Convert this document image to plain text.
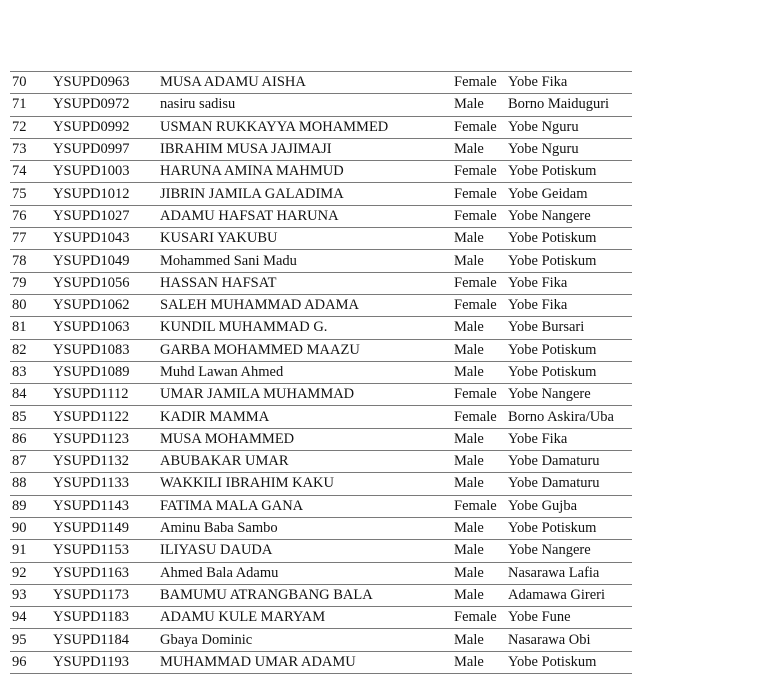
70	YSUPD0963	MUSA ADAMU AISHA	Female	Yobe Fika
71	YSUPD0972	nasiru sadisu	Male	Borno Maiduguri
72	YSUPD0992	USMAN RUKKAYYA MOHAMMED	Female	Yobe Nguru
73	YSUPD0997	IBRAHIM MUSA JAJIMAJI	Male	Yobe Nguru
74	YSUPD1003	HARUNA AMINA MAHMUD	Female	Yobe Potiskum
75	YSUPD1012	JIBRIN JAMILA GALADIMA	Female	Yobe Geidam
76	YSUPD1027	ADAMU HAFSAT HARUNA	Female	Yobe Nangere
77	YSUPD1043	KUSARI YAKUBU	Male	Yobe Potiskum
78	YSUPD1049	Mohammed Sani Madu	Male	Yobe Potiskum
79	YSUPD1056	HASSAN HAFSAT	Female	Yobe Fika
80	YSUPD1062	SALEH MUHAMMAD ADAMA	Female	Yobe Fika
81	YSUPD1063	KUNDIL MUHAMMAD G.	Male	Yobe Bursari
82	YSUPD1083	GARBA MOHAMMED MAAZU	Male	Yobe Potiskum
83	YSUPD1089	Muhd Lawan Ahmed	Male	Yobe Potiskum
84	YSUPD1112	UMAR JAMILA MUHAMMAD	Female	Yobe Nangere
85	YSUPD1122	KADIR MAMMA	Female	Borno Askira/Uba
86	YSUPD1123	MUSA MOHAMMED	Male	Yobe Fika
87	YSUPD1132	ABUBAKAR UMAR	Male	Yobe Damaturu
88	YSUPD1133	WAKKILI IBRAHIM KAKU	Male	Yobe Damaturu
89	YSUPD1143	FATIMA MALA GANA	Female	Yobe Gujba
90	YSUPD1149	Aminu Baba Sambo	Male	Yobe Potiskum
91	YSUPD1153	ILIYASU DAUDA	Male	Yobe Nangere
92	YSUPD1163	Ahmed Bala Adamu	Male	Nasarawa Lafia
93	YSUPD1173	BAMUMU ATRANGBANG BALA	Male	Adamawa Gireri
94	YSUPD1183	ADAMU KULE MARYAM	Female	Yobe Fune
95	YSUPD1184	Gbaya Dominic	Male	Nasarawa Obi
96	YSUPD1193	MUHAMMAD UMAR ADAMU	Male	Yobe Potiskum
